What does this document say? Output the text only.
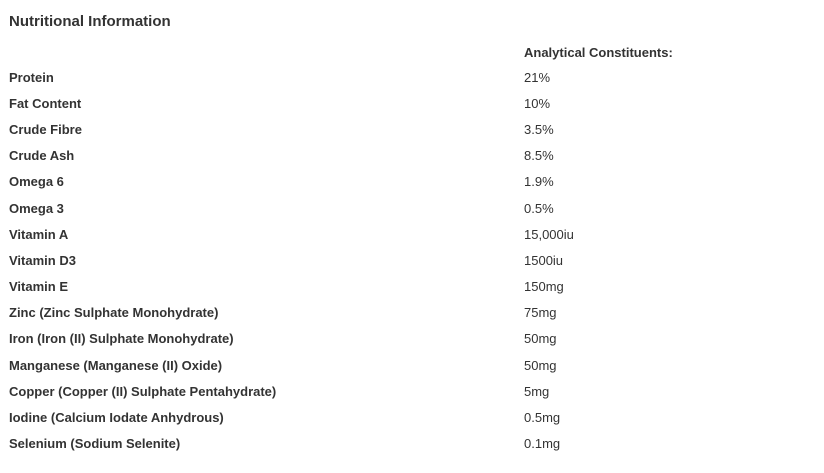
Nutritional Information
Analytical Constituents:
Protein	21%
Fat Content	10%
Crude Fibre	3.5%
Crude Ash	8.5%
Omega 6	1.9%
Omega 3	0.5%
Vitamin A	15,000iu
Vitamin D3	1500iu
Vitamin E	150mg
Zinc (Zinc Sulphate Monohydrate)	75mg
Iron (Iron (II) Sulphate Monohydrate)	50mg
Manganese (Manganese (II) Oxide)	50mg
Copper (Copper (II) Sulphate Pentahydrate)	5mg
Iodine (Calcium Iodate Anhydrous)	0.5mg
Selenium (Sodium Selenite)	0.1mg
